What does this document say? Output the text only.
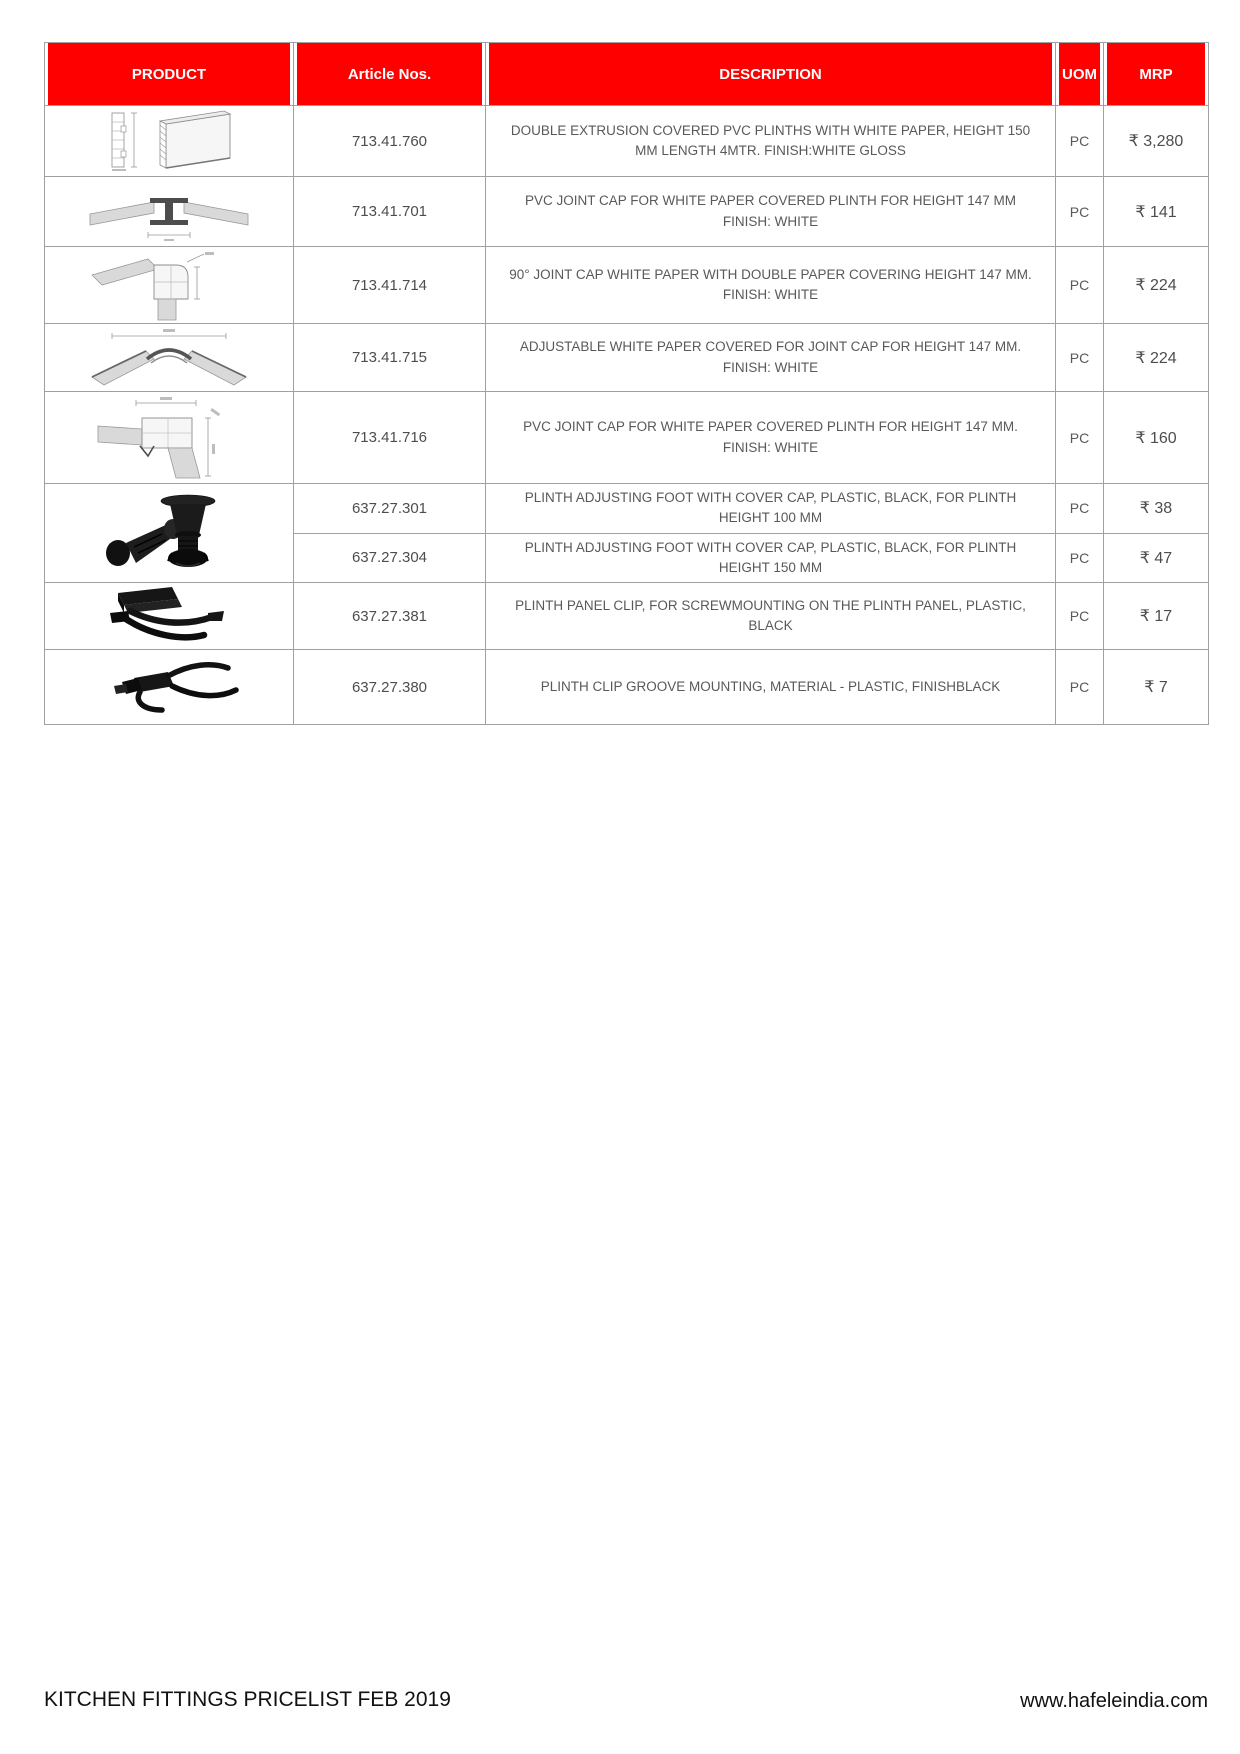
PRODUCT	Article Nos.	DESCRIPTION	UOM	MRP

	713.41.760	DOUBLE EXTRUSION COVERED PVC PLINTHS WITH WHITE PAPER, HEIGHT 150 MM LENGTH 4MTR. FINISH:WHITE GLOSS	PC	₹ 3,280

	713.41.701	PVC JOINT CAP FOR WHITE PAPER COVERED PLINTH FOR HEIGHT 147 MM FINISH: WHITE	PC	₹ 141

	713.41.714	90° JOINT CAP WHITE PAPER WITH DOUBLE PAPER COVERING HEIGHT 147 MM. FINISH: WHITE	PC	₹ 224

	713.41.715	ADJUSTABLE WHITE PAPER COVERED FOR JOINT CAP FOR HEIGHT 147 MM. FINISH: WHITE	PC	₹ 224

	713.41.716	PVC JOINT CAP FOR WHITE PAPER COVERED PLINTH FOR HEIGHT 147 MM. FINISH: WHITE	PC	₹ 160

	637.27.301	PLINTH ADJUSTING FOOT WITH COVER CAP, PLASTIC, BLACK, FOR PLINTH HEIGHT 100 MM	PC	₹ 38
	637.27.304	PLINTH ADJUSTING FOOT WITH COVER CAP, PLASTIC, BLACK, FOR PLINTH HEIGHT 150 MM	PC	₹ 47

	637.27.381	PLINTH PANEL CLIP, FOR SCREWMOUNTING ON THE PLINTH PANEL, PLASTIC, BLACK	PC	₹ 17

	637.27.380	PLINTH CLIP GROOVE MOUNTING, MATERIAL - PLASTIC, FINISHBLACK	PC	₹ 7
KITCHEN FITTINGS PRICELIST FEB 2019	www.hafeleindia.com
